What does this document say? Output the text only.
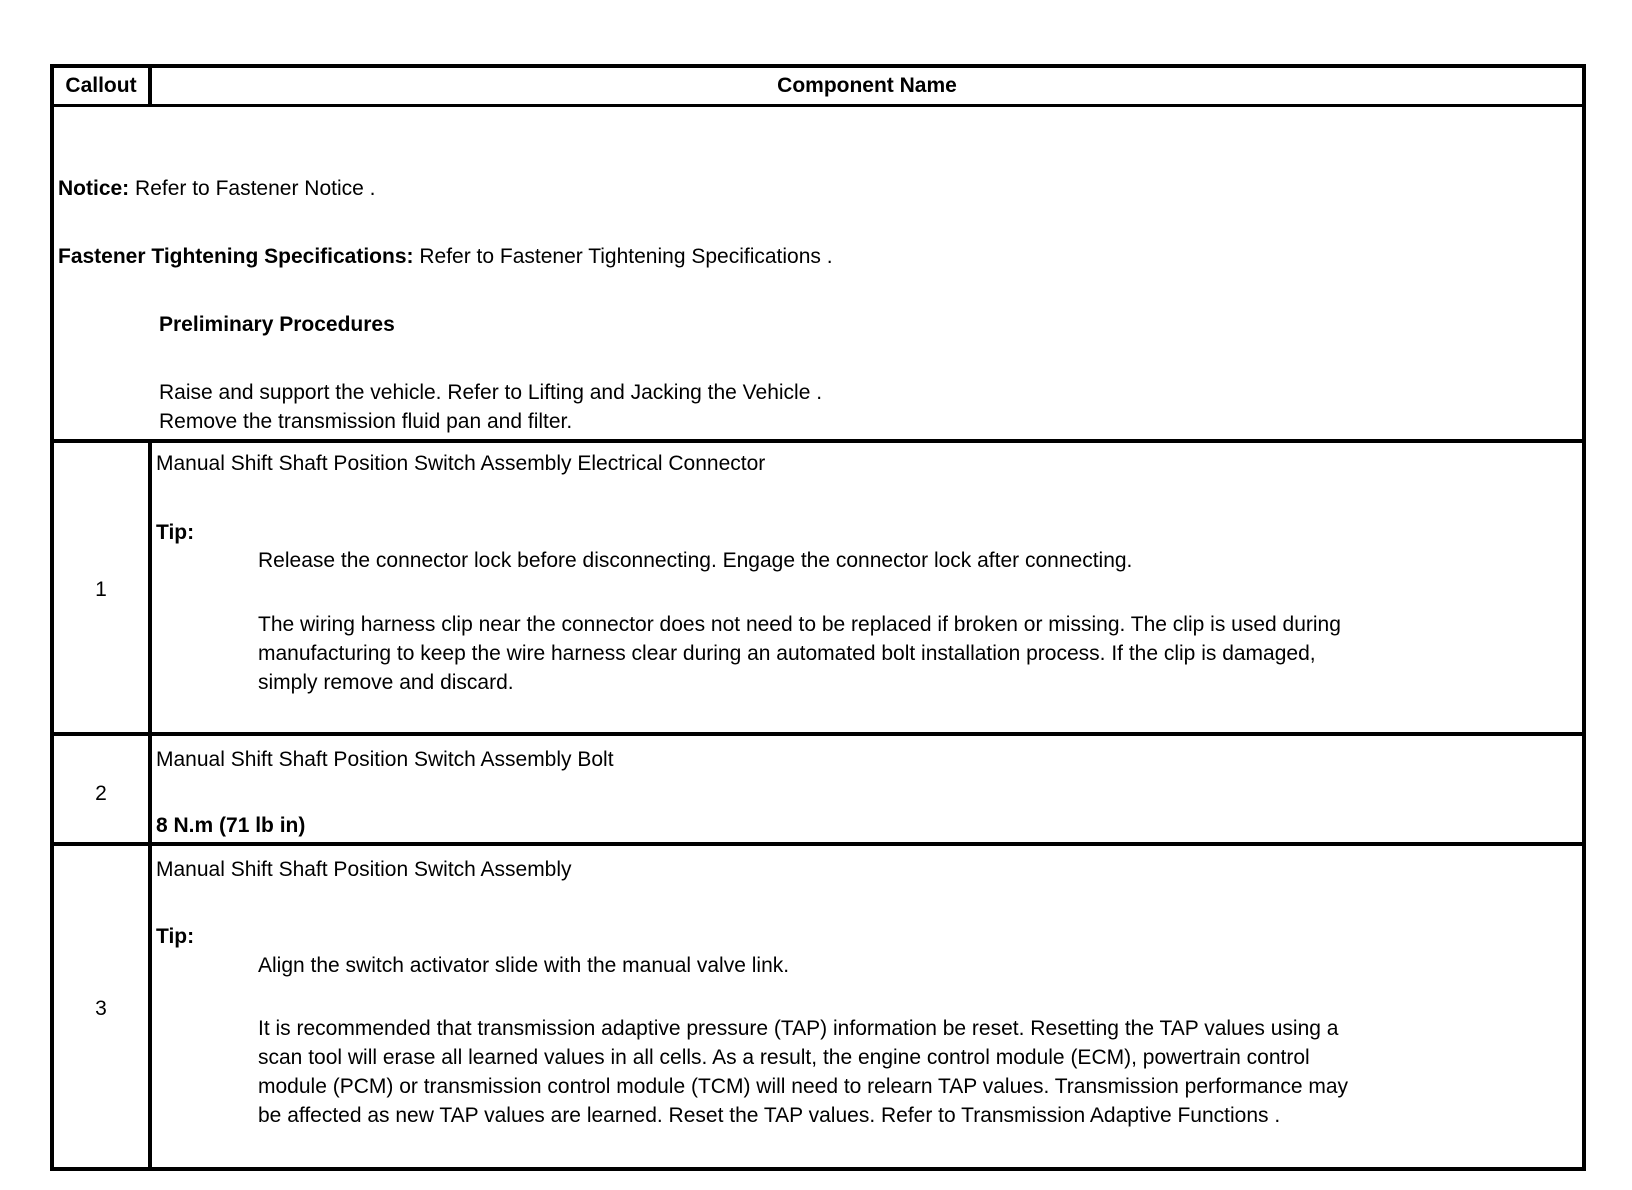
Callout	Component Name
Notice: Refer to Fastener Notice .
Fastener Tightening Specifications: Refer to Fastener Tightening Specifications .
Preliminary Procedures
Raise and support the vehicle. Refer to Lifting and Jacking the Vehicle .
Remove the transmission fluid pan and filter.
1
Manual Shift Shaft Position Switch Assembly Electrical Connector
Tip:
Release the connector lock before disconnecting. Engage the connector lock after connecting.
The wiring harness clip near the connector does not need to be replaced if broken or missing. The clip is used during
manufacturing to keep the wire harness clear during an automated bolt installation process. If the clip is damaged,
simply remove and discard.
2
Manual Shift Shaft Position Switch Assembly Bolt
8 N.m (71 lb in)
3
Manual Shift Shaft Position Switch Assembly
Tip:
Align the switch activator slide with the manual valve link.
It is recommended that transmission adaptive pressure (TAP) information be reset. Resetting the TAP values using a
scan tool will erase all learned values in all cells. As a result, the engine control module (ECM), powertrain control
module (PCM) or transmission control module (TCM) will need to relearn TAP values. Transmission performance may
be affected as new TAP values are learned. Reset the TAP values. Refer to Transmission Adaptive Functions .
